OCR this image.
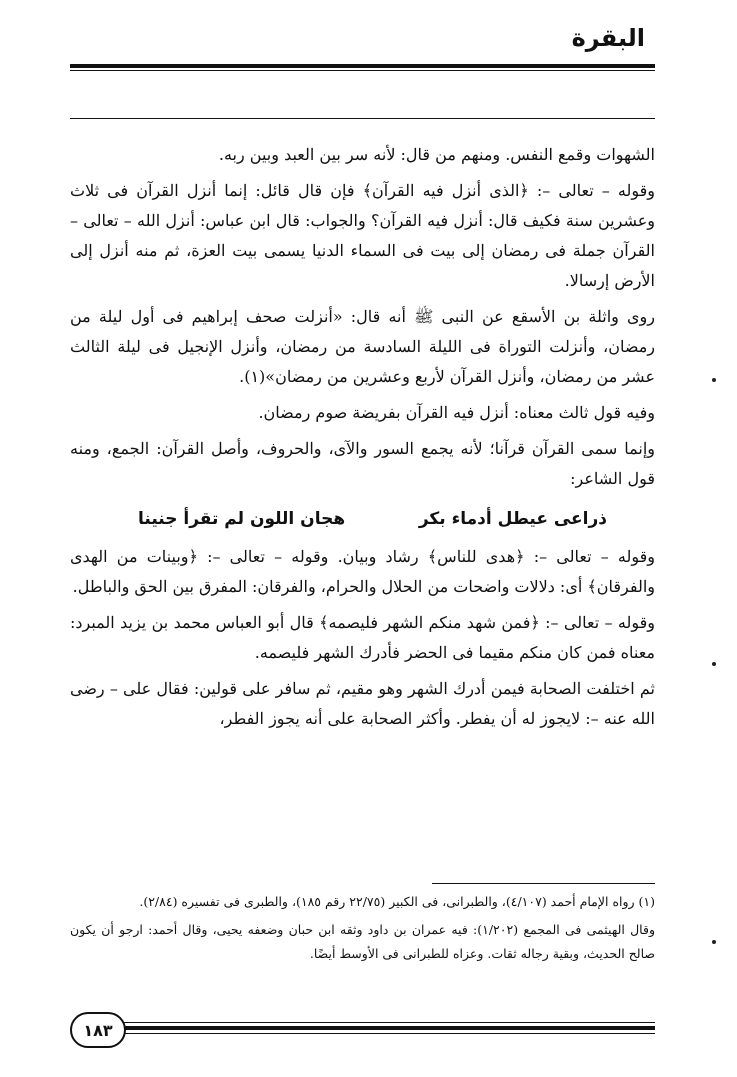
البقرة

الشهوات وقمع النفس. ومنهم من قال: لأنه سر بين العبد وبين ربه.

وقوله – تعالى –: ﴿الذى أنزل فيه القرآن﴾ فإن قال قائل: إنما أنزل القرآن فى ثلاث وعشرين سنة فكيف قال: أنزل فيه القرآن؟ والجواب: قال ابن عباس: أنزل الله – تعالى – القرآن جملة فى رمضان إلى بيت فى السماء الدنيا يسمى بيت العزة، ثم منه أنزل إلى الأرض إرسالا.

روى واثلة بن الأسقع عن النبى ﷺ أنه قال: «أنزلت صحف إبراهيم فى أول ليلة من رمضان، وأنزلت التوراة فى الليلة السادسة من رمضان، وأنزل الإنجيل فى ليلة الثالث عشر من رمضان، وأنزل القرآن لأربع وعشرين من رمضان»(١).

وفيه قول ثالث معناه: أنزل فيه القرآن بفريضة صوم رمضان.

وإنما سمى القرآن قرآنا؛ لأنه يجمع السور والآى، والحروف، وأصل القرآن: الجمع، ومنه قول الشاعر:

ذراعى عيطل أدماء بكر
هجان اللون لم تقرأ جنينا

وقوله – تعالى –: ﴿هدى للناس﴾ رشاد وبيان. وقوله – تعالى –: ﴿وبينات من الهدى والفرقان﴾ أى: دلالات واضحات من الحلال والحرام، والفرقان: المفرق بين الحق والباطل.

وقوله – تعالى –: ﴿فمن شهد منكم الشهر فليصمه﴾ قال أبو العباس محمد بن يزيد المبرد: معناه فمن كان منكم مقيما فى الحضر فأدرك الشهر فليصمه.

ثم اختلفت الصحابة فيمن أدرك الشهر وهو مقيم، ثم سافر على قولين: فقال على – رضى الله عنه –: لايجوز له أن يفطر. وأكثر الصحابة على أنه يجوز الفطر،

(١) رواه الإمام أحمد (٤/١٠٧)، والطبرانى، فى الكبير (٢٢/٧٥ رقم ١٨٥)، والطبرى فى تفسيره (٢/٨٤).

وقال الهيثمى فى المجمع (١/٢٠٢): فيه عمران بن داود وثقه ابن حبان وضعفه يحيى، وقال أحمد: ارجو أن يكون صالح الحديث، وبقية رجاله ثقات. وعزاه للطبرانى فى الأوسط أيضًا.

١٨٣
